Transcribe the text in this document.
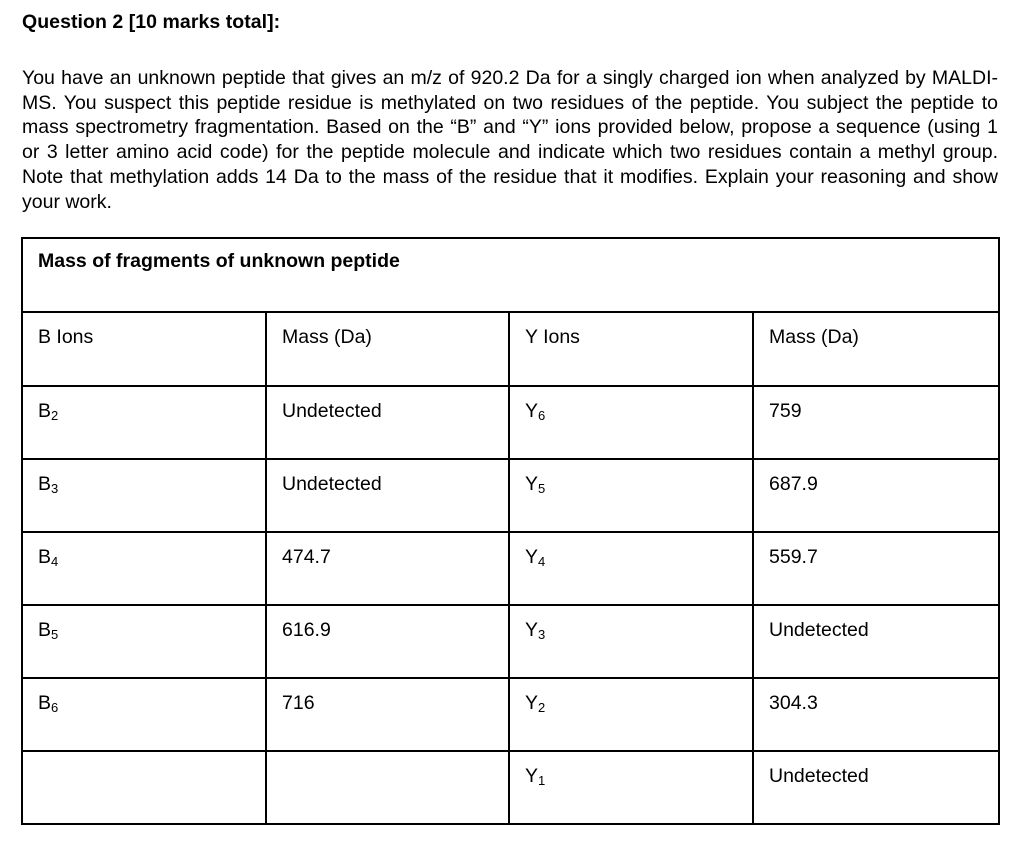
Question 2 [10 marks total]:
You have an unknown peptide that gives an m/z of 920.2 Da for a singly charged ion when analyzed by MALDI-MS. You suspect this peptide residue is methylated on two residues of the peptide. You subject the peptide to mass spectrometry fragmentation. Based on the “B” and “Y” ions provided below, propose a sequence (using 1 or 3 letter amino acid code) for the peptide molecule and indicate which two residues contain a methyl group. Note that methylation adds 14 Da to the mass of the residue that it modifies. Explain your reasoning and show your work.
Mass of fragments of unknown peptide			
B Ions	Mass (Da)	Y Ions	Mass (Da)
$B_2$	Undetected	$Y_6$	759
$B_3$	Undetected	$Y_5$	687.9
$B_4$	474.7	$Y_4$	559.7
$B_5$	616.9	$Y_3$	Undetected
$B_6$	716	$Y_2$	304.3
		$Y_1$	Undetected
